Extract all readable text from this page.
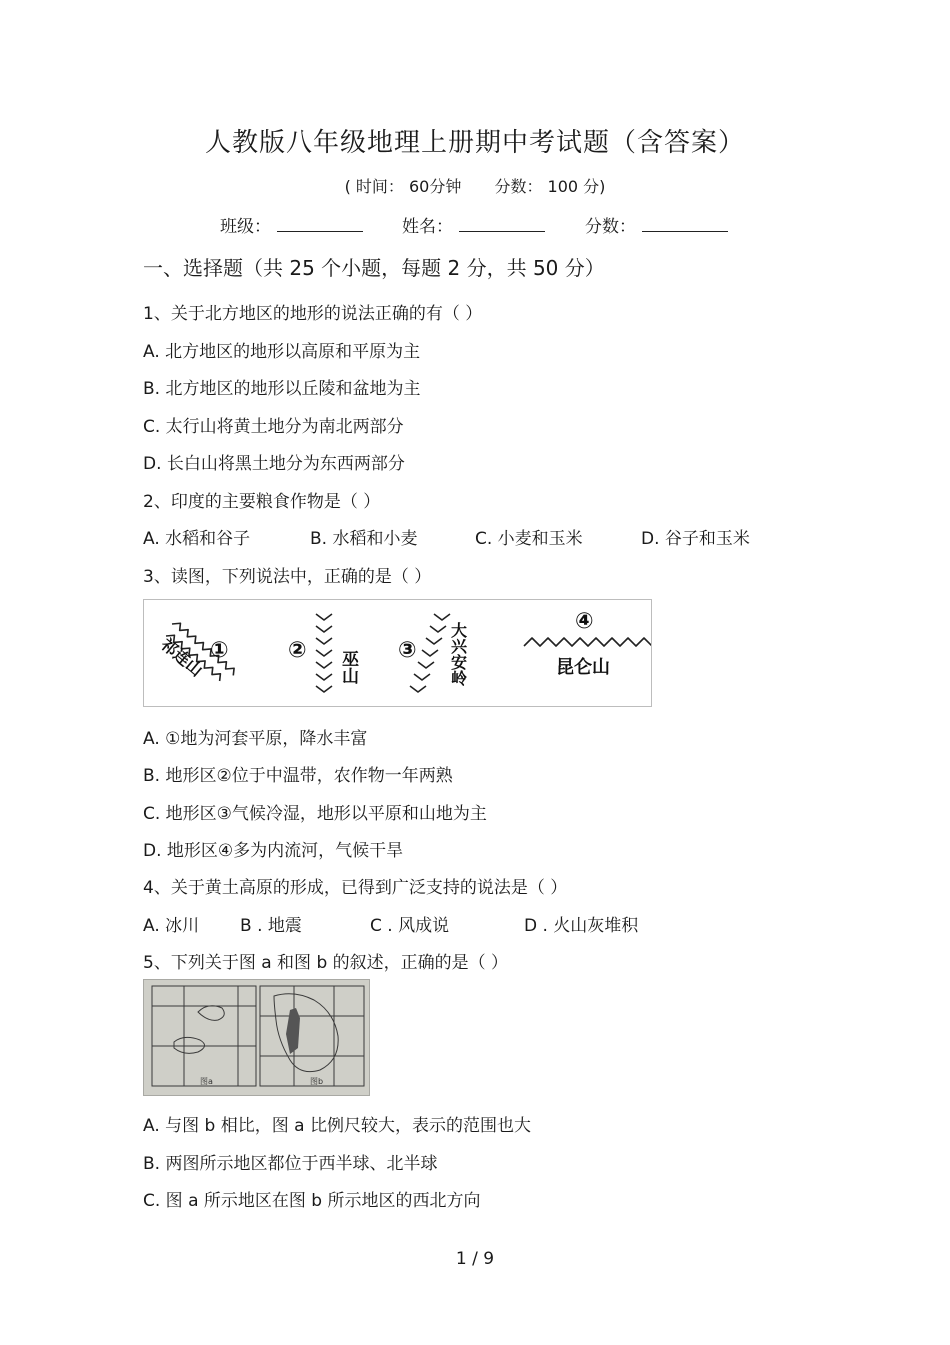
人教版八年级地理上册期中考试题（含答案）
( 时间： 60分钟 分数： 100 分)
班级：	姓名：	分数：
一、选择题（共 25 个小题，每题 2 分，共 50 分）
1、关于北方地区的地形的说法正确的有（ ）
A. 北方地区的地形以高原和平原为主
B. 北方地区的地形以丘陵和盆地为主
C. 太行山将黄土地分为南北两部分
D. 长白山将黑土地分为东西两部分
2、印度的主要粮食作物是（ ）
A. 水稻和谷子	B. 水稻和小麦	C. 小麦和玉米	D. 谷子和玉米
3、读图，下列说法中，正确的是（ ）
①
祁连山	② 巫山 ③ 大兴安岭
④
昆仑山
A. ①地为河套平原，降水丰富
B. 地形区②位于中温带，农作物一年两熟
C. 地形区③气候冷湿，地形以平原和山地为主
D. 地形区④多为内流河，气候干旱
4、关于黄土高原的形成，已得到广泛支持的说法是（ ）
A. 冰川 B . 地震	C . 风成说	D . 火山灰堆积
5、下列关于图 a 和图 b 的叙述，正确的是（ ）
图a	图b
A. 与图 b 相比，图 a 比例尺较大，表示的范围也大
B. 两图所示地区都位于西半球、北半球
C. 图 a 所示地区在图 b 所示地区的西北方向
1 / 9
